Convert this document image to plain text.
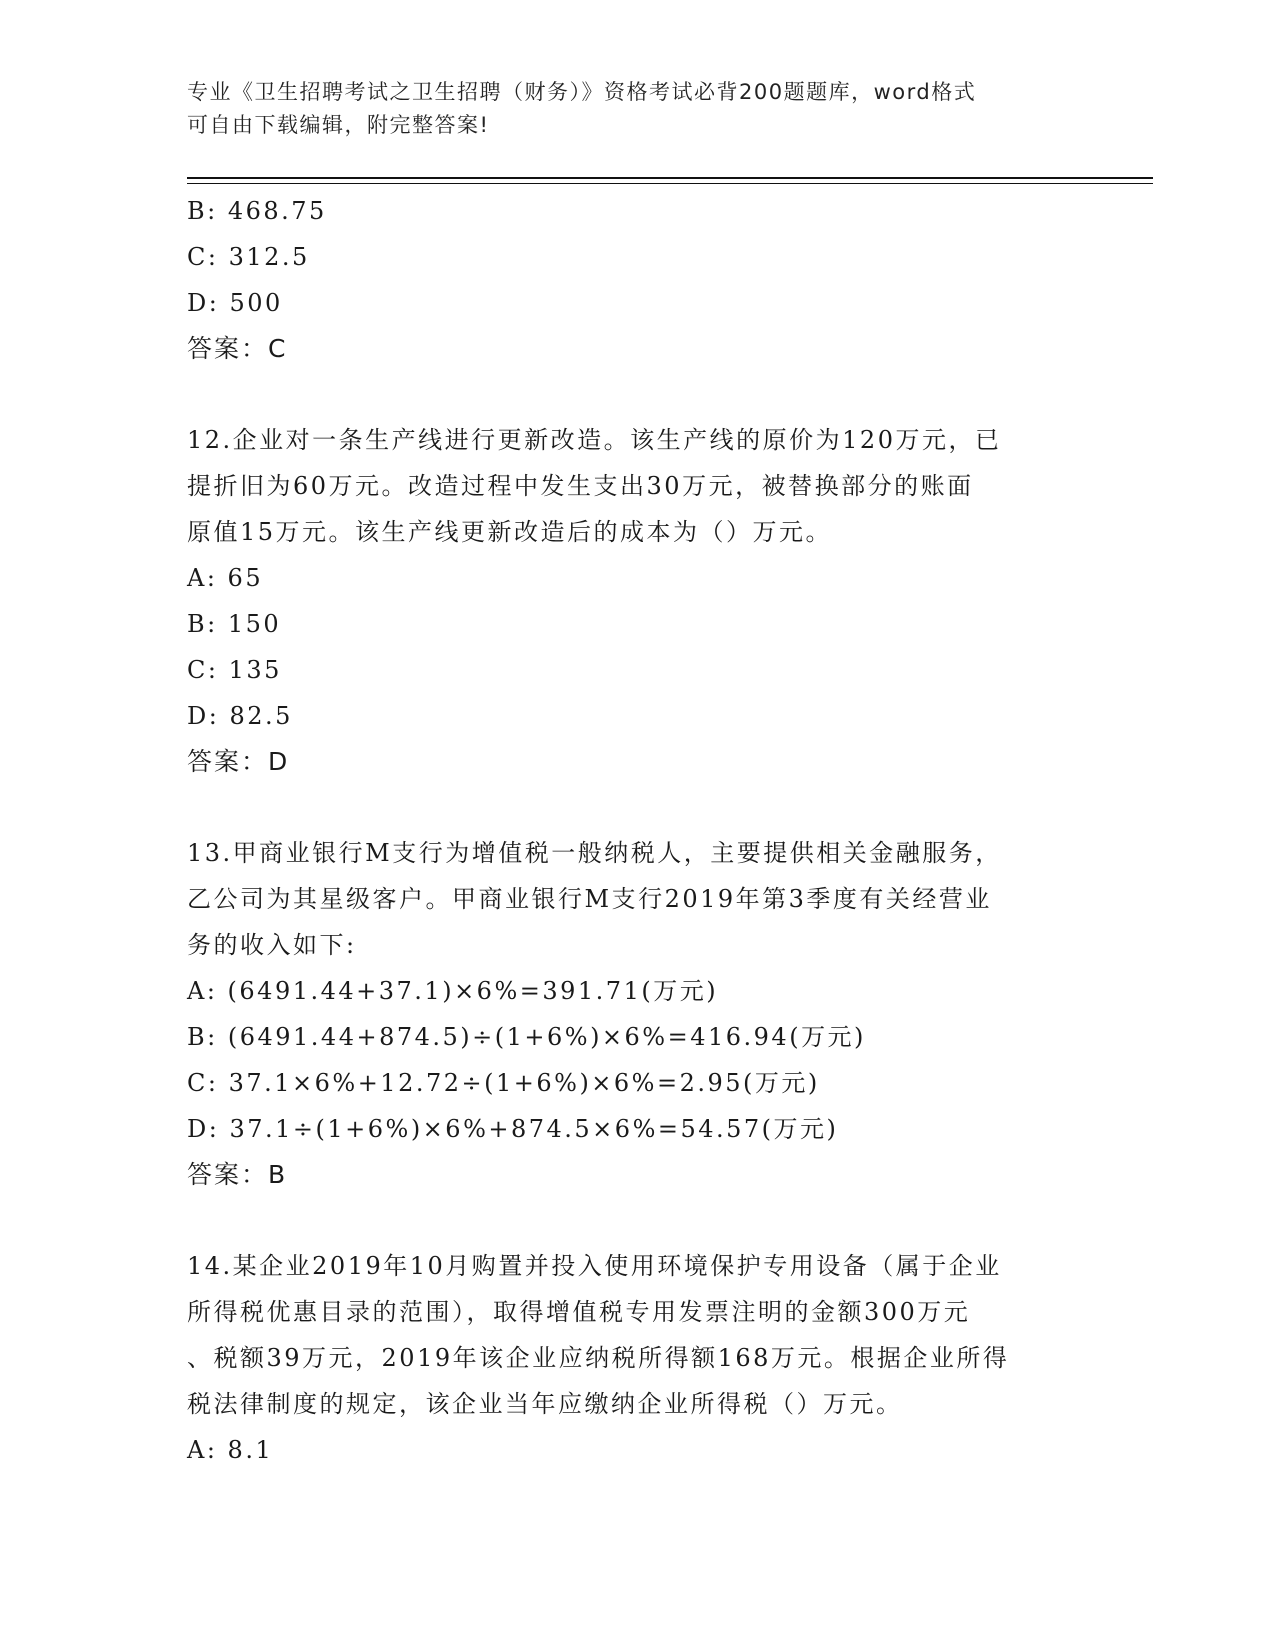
专业《卫生招聘考试之卫生招聘（财务）》资格考试必背200题题库，word格式
可自由下载编辑，附完整答案!
B: 468.75
C: 312.5
D: 500
答案：C
12.企业对一条生产线进行更新改造。该生产线的原价为120万元，已
提折旧为60万元。改造过程中发生支出30万元，被替换部分的账面
原值15万元。该生产线更新改造后的成本为（）万元。
A: 65
B: 150
C: 135
D: 82.5
答案：D
13.甲商业银行M支行为增值税一般纳税人，主要提供相关金融服务，
乙公司为其星级客户。甲商业银行M支行2019年第3季度有关经营业
务的收入如下:
A: (6491.44+37.1)×6%=391.71(万元)
B: (6491.44+874.5)÷(1+6%)×6%=416.94(万元)
C: 37.1×6%+12.72÷(1+6%)×6%=2.95(万元)
D: 37.1÷(1+6%)×6%+874.5×6%=54.57(万元)
答案：B
14.某企业2019年10月购置并投入使用环境保护专用设备（属于企业
所得税优惠目录的范围），取得增值税专用发票注明的金额300万元
、税额39万元，2019年该企业应纳税所得额168万元。根据企业所得
税法律制度的规定，该企业当年应缴纳企业所得税（）万元。
A: 8.1
